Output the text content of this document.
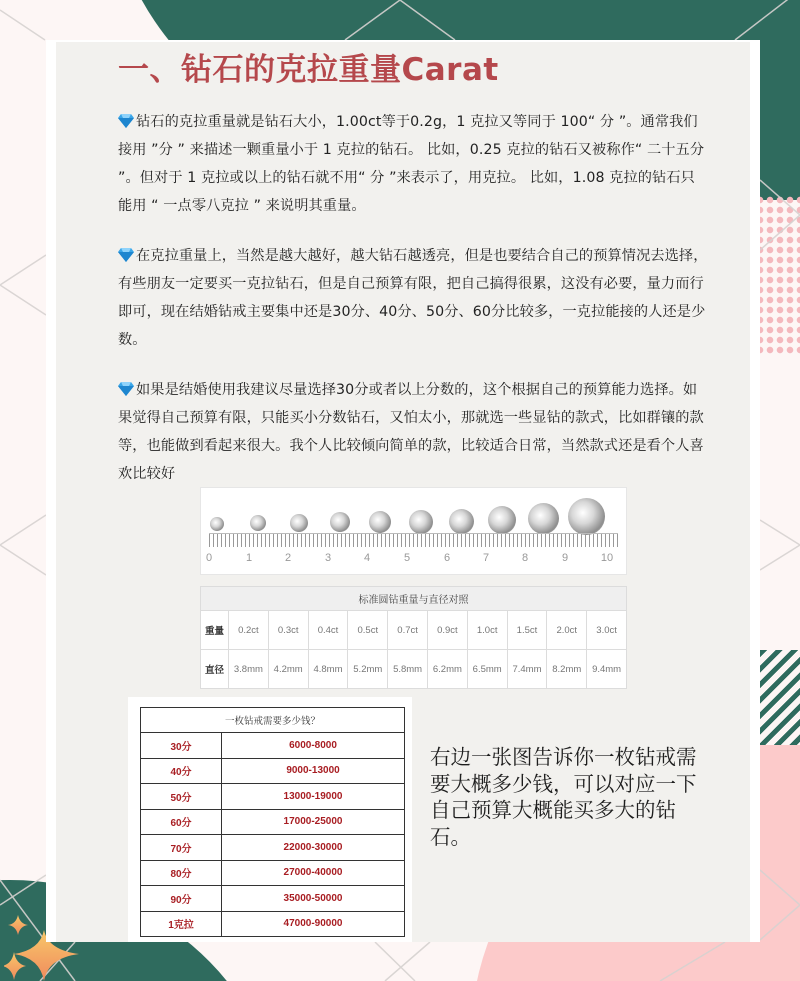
一、钻石的克拉重量Carat

钻石的克拉重量就是钻石大小，1.00ct等于0.2g，1 克拉又等同于 100“ 分 ”。通常我们接用 ”分 ” 来描述一颗重量小于 1 克拉的钻石。 比如，0.25 克拉的钻石又被称作“ 二十五分 ”。但对于 1 克拉或以上的钻石就不用“ 分 ”来表示了，用克拉。 比如，1.08 克拉的钻石只能用 “ 一点零八克拉 ” 来说明其重量。

在克拉重量上，当然是越大越好，越大钻石越透亮，但是也要结合自己的预算情况去选择，有些朋友一定要买一克拉钻石，但是自己预算有限，把自己搞得很累，这没有必要，量力而行即可，现在结婚钻戒主要集中还是30分、40分、50分、60分比较多，一克拉能接的人还是少数。

如果是结婚使用我建议尽量选择30分或者以上分数的，这个根据自己的预算能力选择。如果觉得自己预算有限，只能买小分数钻石，又怕太小，那就选一些显钻的款式，比如群镶的款等，也能做到看起来很大。我个人比较倾向简单的款，比较适合日常，当然款式还是看个人喜欢比较好

0	1	2	3	4	5	6	7	8	9	10
标准圆钻重量与直径对照										
重量	0.2ct	0.3ct	0.4ct	0.5ct	0.7ct	0.9ct	1.0ct	1.5ct	2.0ct	3.0ct
直径	3.8mm	4.2mm	4.8mm	5.2mm	5.8mm	6.2mm	6.5mm	7.4mm	8.2mm	9.4mm
一枚钻戒需要多少钱？	
30分	6000-8000
40分	9000-13000
50分	13000-19000
60分	17000-25000
70分	22000-30000
80分	27000-40000
90分	35000-50000
1克拉	47000-90000

右边一张图告诉你一枚钻戒需要大概多少钱，可以对应一下自己预算大概能买多大的钻石。
